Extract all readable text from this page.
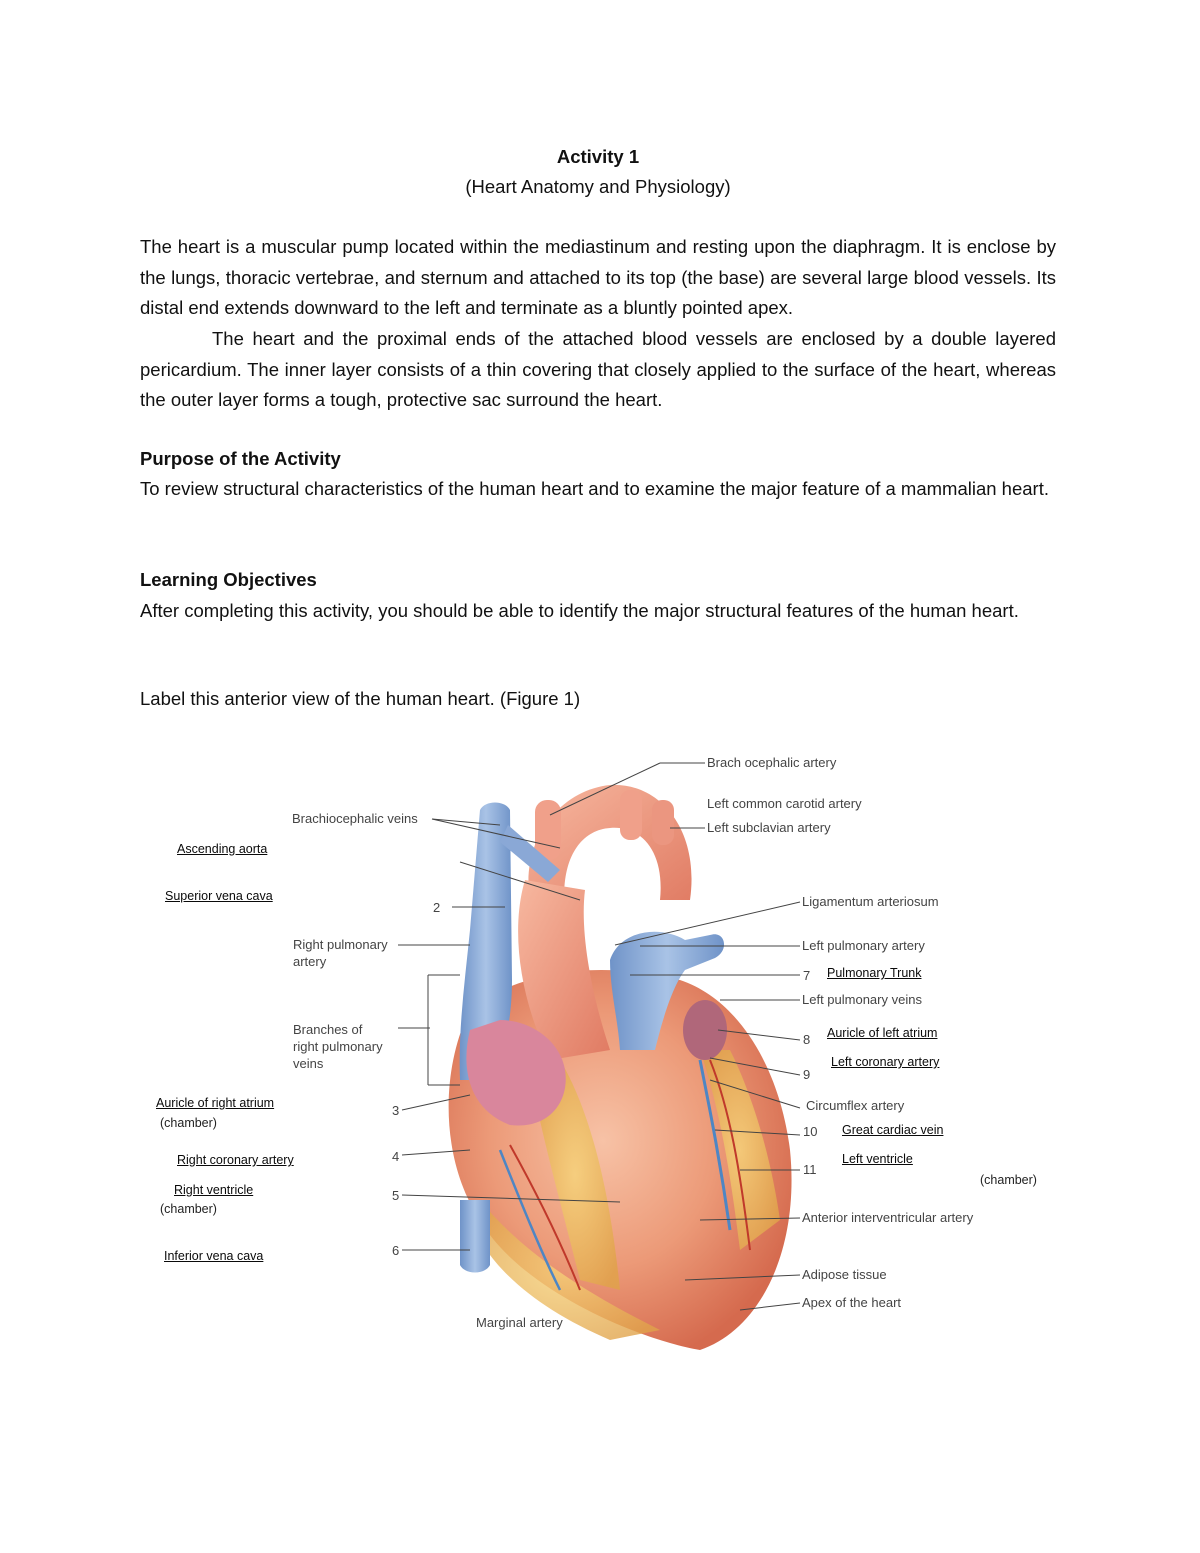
Activity 1
(Heart Anatomy and Physiology)
The heart is a muscular pump located within the mediastinum and resting upon the diaphragm. It is enclose by the lungs, thoracic vertebrae, and sternum and attached to its top (the base) are several large blood vessels. Its distal end extends downward to the left and terminate as a bluntly pointed apex.
The heart and the proximal ends of the attached blood vessels are enclosed by a double layered pericardium. The inner layer consists of a thin covering that closely applied to the surface of the heart, whereas the outer layer forms a tough, protective sac surround the heart.
Purpose of the Activity
To review structural characteristics of the human heart and to examine the major feature of a mammalian heart.
Learning Objectives
After completing this activity, you should be able to identify the major structural features of the human heart.
Label this anterior view of the human heart. (Figure 1)
Brach ocephalic artery
Left common carotid artery
Left subclavian artery
Brachiocephalic veins
Ligamentum arteriosum
Right pulmonary
artery
Left pulmonary artery
Left pulmonary veins
Branches of
right pulmonary
veins
Circumflex artery
Anterior interventricular artery
Adipose tissue
Apex of the heart
Marginal artery
2
3
4
5
6
7
8
9
10
11
Ascending aorta
Superior vena cava
Auricle of right atrium
(chamber)
Right coronary artery
Right ventricle
(chamber)
Inferior vena cava
Pulmonary Trunk
Auricle of left atrium
Left coronary artery
Great cardiac vein
Left ventricle
(chamber)
